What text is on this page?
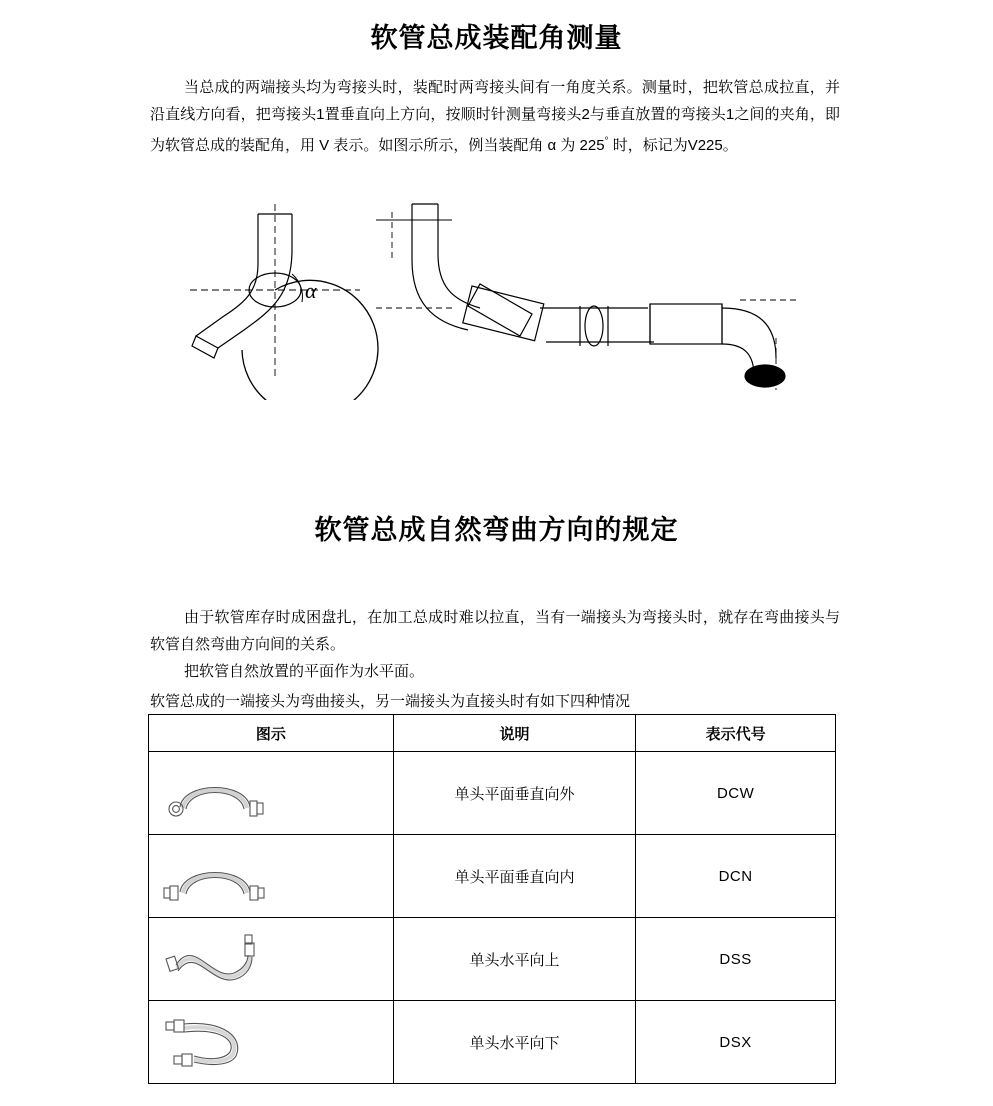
软管总成装配角测量
当总成的两端接头均为弯接头时，装配时两弯接头间有一角度关系。测量时，把软管总成拉直，并沿直线方向看，把弯接头1置垂直向上方向，按顺时针测量弯接头2与垂直放置的弯接头1之间的夹角，即为软管总成的装配角，用 V 表示。如图示所示，例当装配角 α 为 225° 时，标记为V225。
α
软管总成自然弯曲方向的规定
由于软管库存时成困盘扎，在加工总成时难以拉直，当有一端接头为弯接头时，就存在弯曲接头与软管自然弯曲方向间的关系。
把软管自然放置的平面作为水平面。
软管总成的一端接头为弯曲接头，另一端接头为直接头时有如下四种情况
图示	说明	表示代号

	单头平面垂直向外	DCW

	单头平面垂直向内	DCN

	单头水平向上	DSS

	单头水平向下	DSX
